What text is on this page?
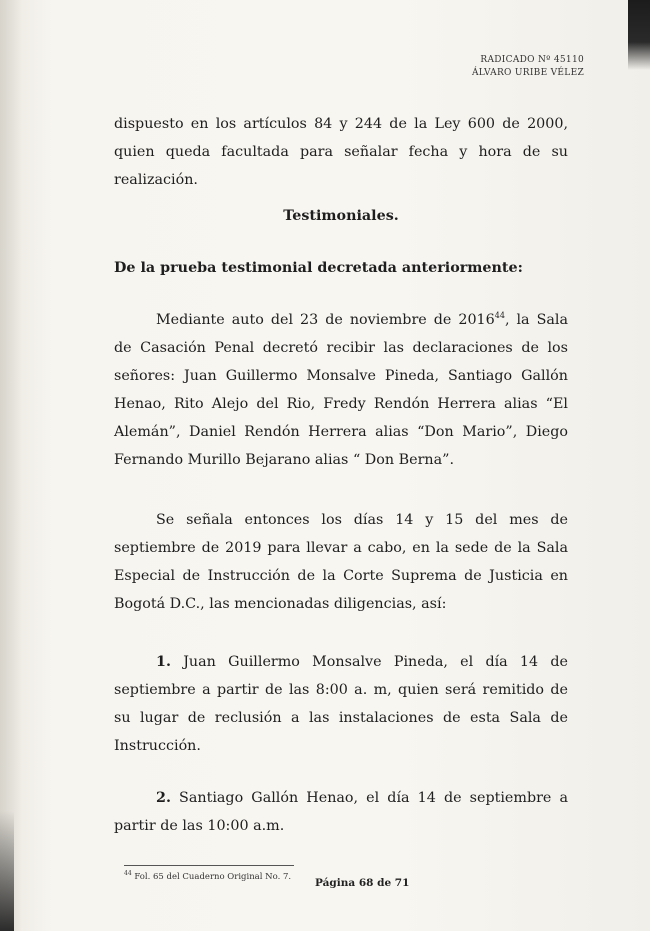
RADICADO Nº 45110
ÁLVARO URIBE VÉLEZ

dispuesto en los artículos 84 y 244 de la Ley 600 de 2000, quien queda facultada para señalar fecha y hora de su realización.

Testimoniales.

De la prueba testimonial decretada anteriormente:

Mediante auto del 23 de noviembre de 2016$^{44}$, la Sala de Casación Penal decretó recibir las declaraciones de los señores: Juan Guillermo Monsalve Pineda, Santiago Gallón Henao, Rito Alejo del Rio, Fredy Rendón Herrera alias “El Alemán”, Daniel Rendón Herrera alias “Don Mario”, Diego Fernando Murillo Bejarano alias “ Don Berna”.

Se señala entonces los días 14 y 15 del mes de septiembre de 2019 para llevar a cabo, en la sede de la Sala Especial de Instrucción de la Corte Suprema de Justicia en Bogotá D.C., las mencionadas diligencias, así:

1. Juan Guillermo Monsalve Pineda, el día 14 de septiembre a partir de las 8:00 a. m, quien será remitido de su lugar de reclusión a las instalaciones de esta Sala de Instrucción.

2. Santiago Gallón Henao, el día 14 de septiembre a partir de las 10:00 a.m.

$^{44}$ Fol. 65 del Cuaderno Original No. 7. Página 68 de 71
